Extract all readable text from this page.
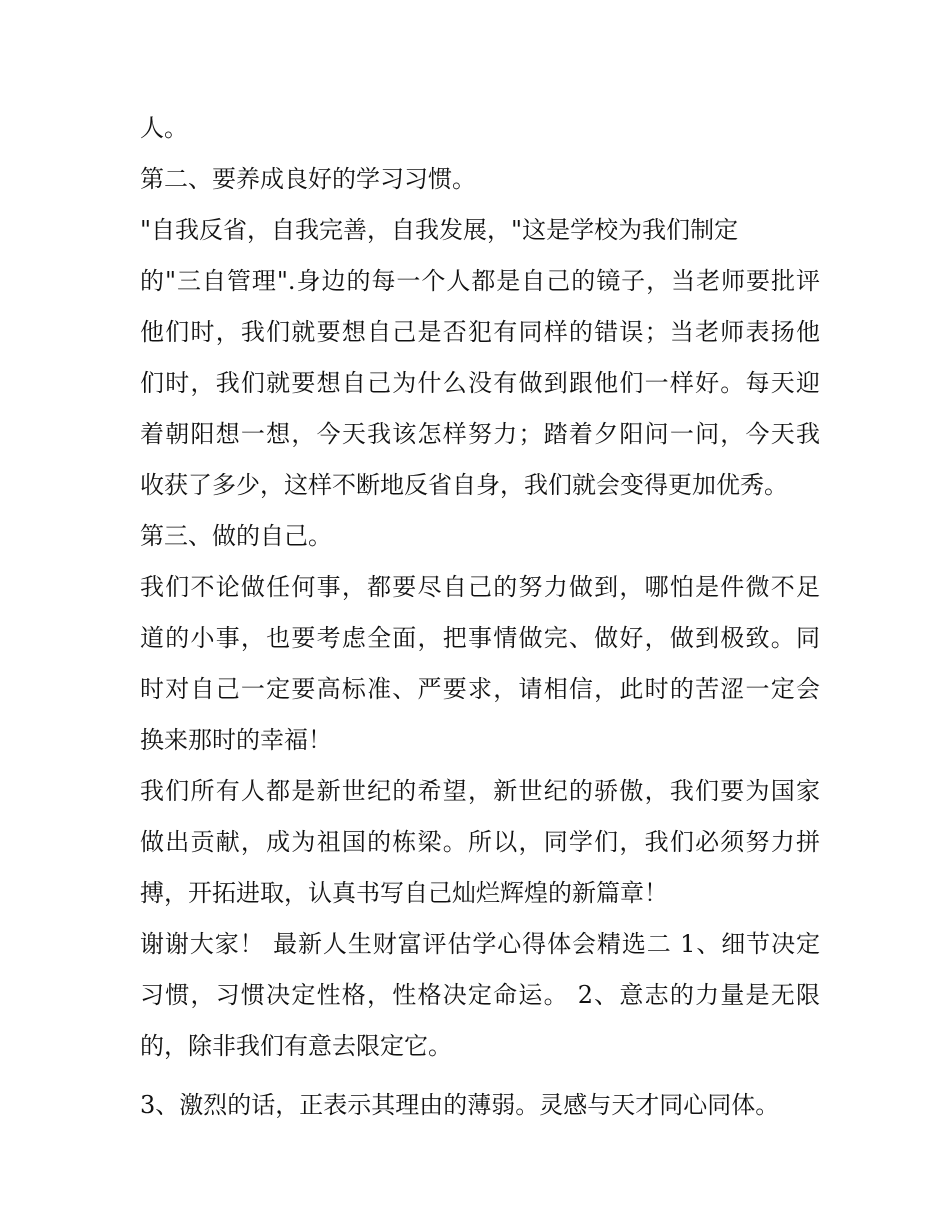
人。
第二、要养成良好的学习习惯。
"自我反省，自我完善，自我发展，"这是学校为我们制定
的"三自管理".身边的每一个人都是自己的镜子，当老师要批评
他们时，我们就要想自己是否犯有同样的错误；当老师表扬他
们时，我们就要想自己为什么没有做到跟他们一样好。每天迎
着朝阳想一想，今天我该怎样努力；踏着夕阳问一问，今天我
收获了多少，这样不断地反省自身，我们就会变得更加优秀。
第三、做的自己。
我们不论做任何事，都要尽自己的努力做到，哪怕是件微不足
道的小事，也要考虑全面，把事情做完、做好，做到极致。同
时对自己一定要高标准、严要求，请相信，此时的苦涩一定会
换来那时的幸福！
我们所有人都是新世纪的希望，新世纪的骄傲，我们要为国家
做出贡献，成为祖国的栋梁。所以，同学们，我们必须努力拼
搏，开拓进取，认真书写自己灿烂辉煌的新篇章！
谢谢大家！ 最新人生财富评估学心得体会精选二 1、细节决定
习惯，习惯决定性格，性格决定命运。 2、意志的力量是无限
的，除非我们有意去限定它。
3、激烈的话，正表示其理由的薄弱。灵感与天才同心同体。
